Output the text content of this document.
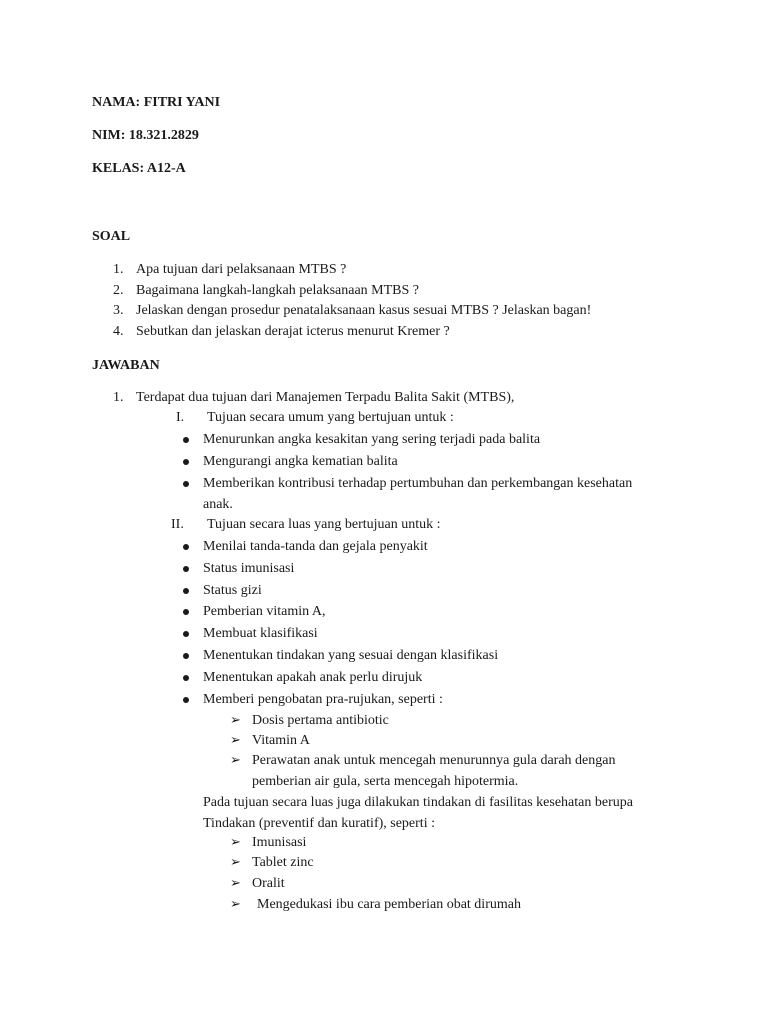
NAMA: FITRI YANI
NIM: 18.321.2829
KELAS: A12-A
SOAL
1. Apa tujuan dari pelaksanaan MTBS ?
2. Bagaimana langkah-langkah pelaksanaan MTBS ?
3. Jelaskan dengan prosedur penatalaksanaan kasus sesuai MTBS ? Jelaskan bagan!
4. Sebutkan dan jelaskan derajat icterus menurut Kremer ?
JAWABAN
1. Terdapat dua tujuan dari Manajemen Terpadu Balita Sakit (MTBS),
I. Tujuan secara umum yang bertujuan untuk :
Menurunkan angka kesakitan yang sering terjadi pada balita
Mengurangi angka kematian balita
Memberikan kontribusi terhadap pertumbuhan dan perkembangan kesehatan
anak.
II. Tujuan secara luas yang bertujuan untuk :
Menilai tanda-tanda dan gejala penyakit
Status imunisasi
Status gizi
Pemberian vitamin A,
Membuat klasifikasi
Menentukan tindakan yang sesuai dengan klasifikasi
Menentukan apakah anak perlu dirujuk
Memberi pengobatan pra-rujukan, seperti :
➢ Dosis pertama antibiotic
➢ Vitamin A
➢ Perawatan anak untuk mencegah menurunnya gula darah dengan
pemberian air gula, serta mencegah hipotermia.
Pada tujuan secara luas juga dilakukan tindakan di fasilitas kesehatan berupa
Tindakan (preventif dan kuratif), seperti :
➢ Imunisasi
➢ Tablet zinc
➢ Oralit
➢ Mengedukasi ibu cara pemberian obat dirumah
